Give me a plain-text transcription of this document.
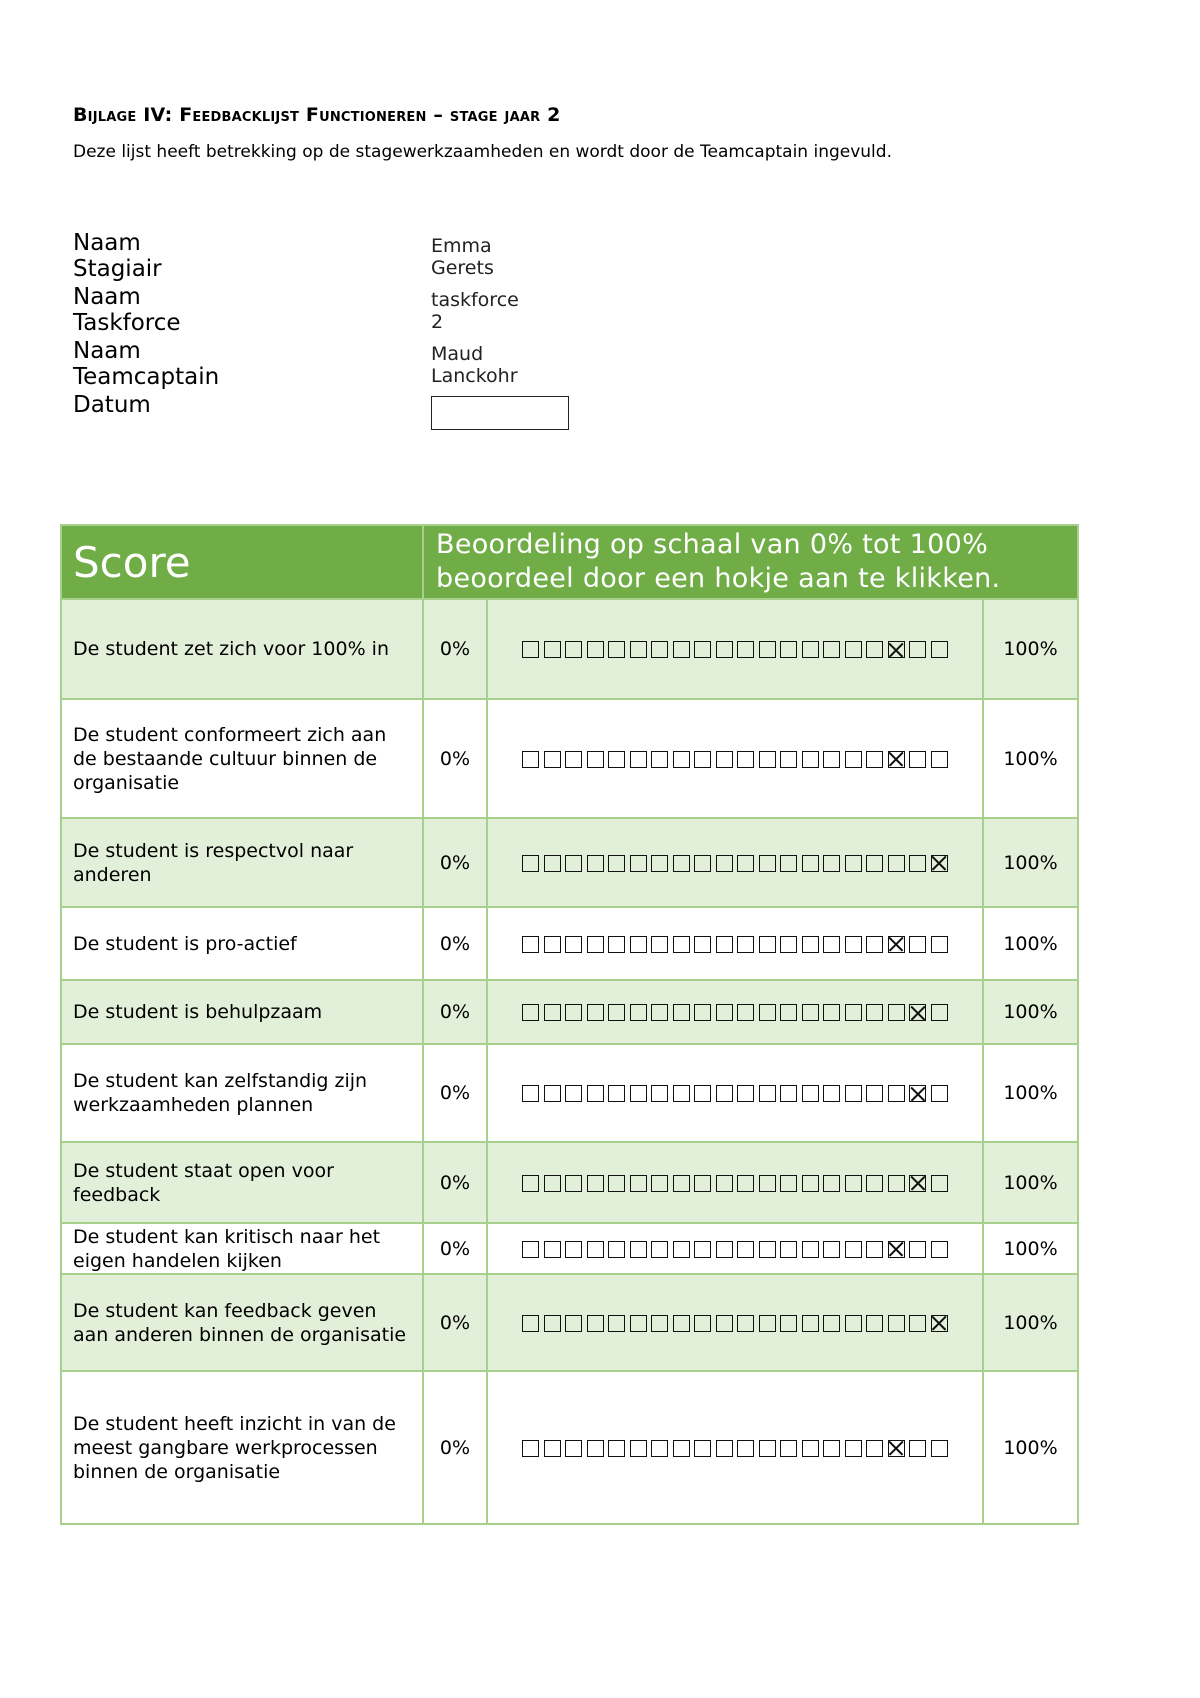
Bijlage IV: Feedbacklijst Functioneren – stage jaar 2

Deze lijst heeft betrekking op de stagewerkzaamheden en wordt door de Teamcaptain ingevuld.

Naam Stagiair
Emma Gerets
Naam Taskforce
taskforce 2
Naam Teamcaptain
Maud Lanckohr
Datum
Score	Beoordeling op schaal van 0% tot 100%
beoordeel door een hokje aan te klikken.		
De student zet zich voor 100% in	0%		100%
De student conformeert zich aan de bestaande cultuur binnen de organisatie	0%		100%
De student is respectvol naar anderen	0%		100%
De student is pro-actief	0%		100%
De student is behulpzaam	0%		100%
De student kan zelfstandig zijn werkzaamheden plannen	0%		100%
De student staat open voor feedback	0%		100%
De student kan kritisch naar het eigen handelen kijken	0%		100%
De student kan feedback geven aan anderen binnen de organisatie	0%		100%
De student heeft inzicht in van de meest gangbare werkprocessen binnen de organisatie	0%		100%
